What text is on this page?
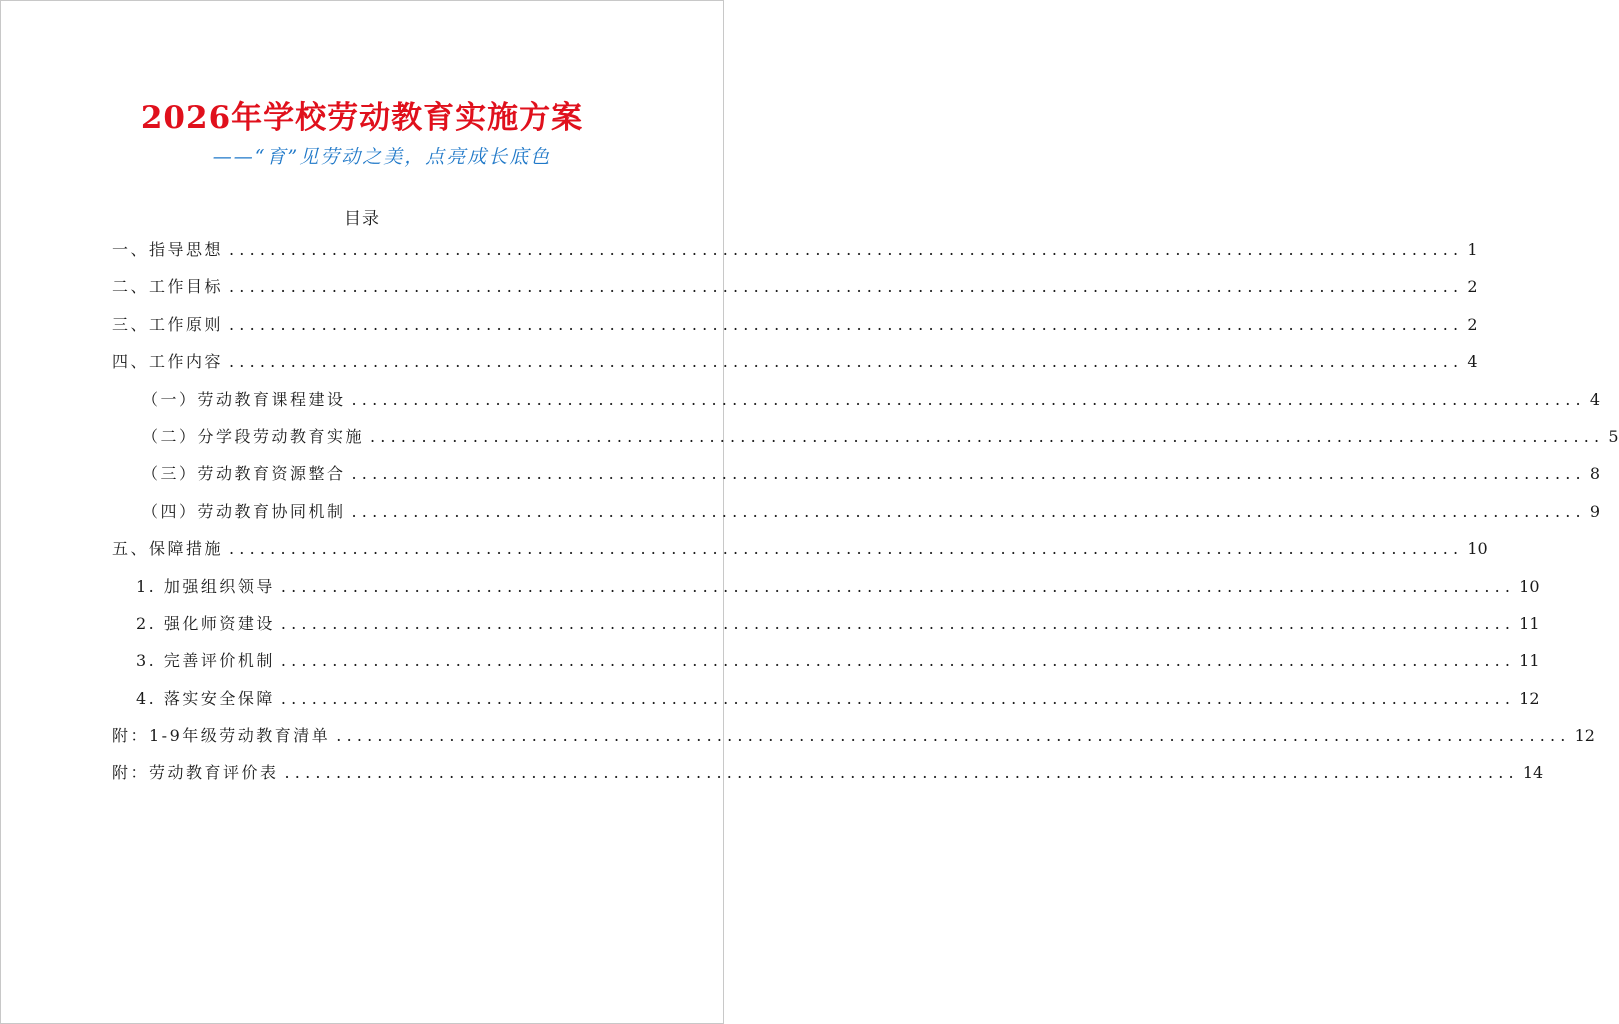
2026年学校劳动教育实施方案
——“育”见劳动之美，点亮成长底色
目录
一、指导思想 ........................................................................................................................ 1
二、工作目标 ........................................................................................................................ 2
三、工作原则 ........................................................................................................................ 2
四、工作内容 ........................................................................................................................ 4
（一）劳动教育课程建设 ........................................................................................................................ 4
（二）分学段劳动教育实施 ........................................................................................................................ 5
（三）劳动教育资源整合 ........................................................................................................................ 8
（四）劳动教育协同机制 ........................................................................................................................ 9
五、保障措施 ........................................................................................................................ 10
1. 加强组织领导 ........................................................................................................................ 10
2. 强化师资建设 ........................................................................................................................ 11
3. 完善评价机制 ........................................................................................................................ 11
4. 落实安全保障 ........................................................................................................................ 12
附：1-9年级劳动教育清单 ........................................................................................................................ 12
附：劳动教育评价表 ........................................................................................................................ 14
